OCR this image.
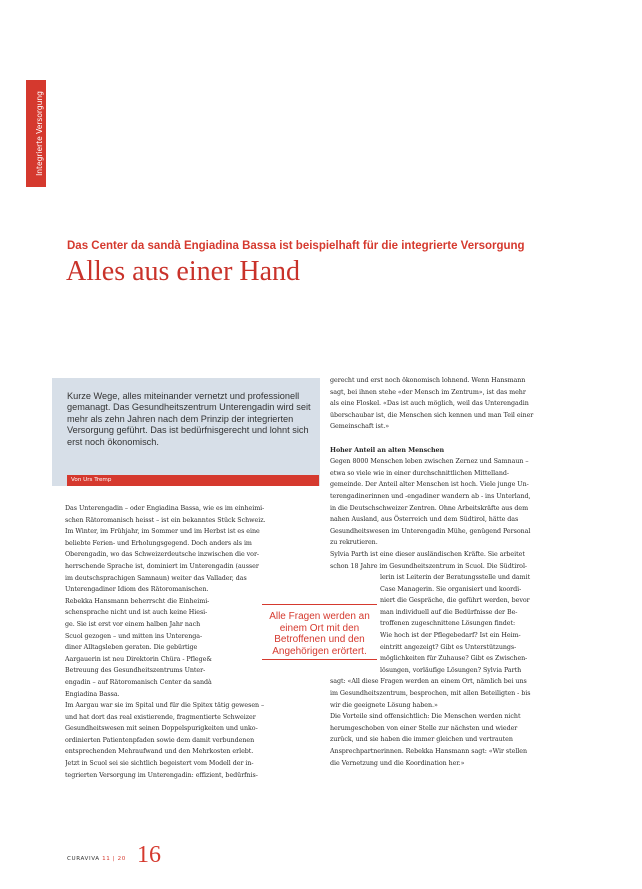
Integrierte Versorgung
Das Center da sandà Engiadina Bassa ist beispielhaft für die integrierte Versorgung
Alles aus einer Hand
Kurze Wege, alles miteinander vernetzt und professionell gemanagt. Das Gesundheitszentrum Unterengadin wird seit mehr als zehn Jahren nach dem Prinzip der integrierten Versorgung geführt. Das ist bedürfnisgerecht und lohnt sich erst noch ökonomisch.
Von Urs Tremp

Das Unterengadin – oder Engiadina Bassa, wie es im einheimi-

schen Rätoromanisch heisst – ist ein bekanntes Stück Schweiz.

Im Winter, im Frühjahr, im Sommer und im Herbst ist es eine

beliebte Ferien- und Erholungsgegend. Doch anders als im

Oberengadin, wo das Schweizerdeutsche inzwischen die vor-

herrschende Sprache ist, dominiert im Unterengadin (ausser

im deutschsprachigen Samnaun) weiter das Vallader, das

Unterengadiner Idiom des Rätoromanischen.

Rebekka Hansmann beherrscht die Einheimi-

schensprache nicht und ist auch keine Hiesi-

ge. Sie ist erst vor einem halben Jahr nach

Scuol gezogen – und mitten ins Unterenga-

diner Alltagsleben geraten. Die gebürtige

Aargauerin ist neu Direktorin Chüra - Pflege&

Betreuung des Gesundheitszentrums Unter-

engadin – auf Rätoromanisch Center da sandà

Engiadina Bassa.

Im Aargau war sie im Spital und für die Spitex tätig gewesen –

und hat dort das real existierende, fragmentierte Schweizer

Gesundheitswesen mit seinen Doppelspurigkeiten und unko-

ordinierten Patientenpfaden sowie dem damit verbundenen

entsprechenden Mehraufwand und den Mehrkosten erlebt.

Jetzt in Scuol sei sie sichtlich begeistert vom Modell der in-

tegrierten Versorgung im Unterengadin: effizient, bedürfnis-

gerecht und erst noch ökonomisch lohnend. Wenn Hansmann

sagt, bei ihnen stehe «der Mensch im Zentrum», ist das mehr

als eine Floskel. «Das ist auch möglich, weil das Unterengadin

überschaubar ist, die Menschen sich kennen und man Teil einer

Gemeinschaft ist.»

Hoher Anteil an alten Menschen

Gegen 8000 Menschen leben zwischen Zernez und Samnaun –

etwa so viele wie in einer durchschnittlichen Mittelland-

gemeinde. Der Anteil alter Menschen ist hoch. Viele junge Un-

terengadinerinnen und -engadiner wandern ab - ins Unterland,

in die Deutschschweizer Zentren. Ohne Arbeitskräfte aus dem

nahen Ausland, aus Österreich und dem Südtirol, hätte das

Gesundheitswesen im Unterengadin Mühe, genügend Personal

zu rekrutieren.

Sylvia Parth ist eine dieser ausländischen Kräfte. Sie arbeitet

schon 18 Jahre im Gesundheitszentrum in Scuol. Die Südtirol-

lerin ist Leiterin der Beratungsstelle und damit

Case Managerin. Sie organisiert und koordi-

niert die Gespräche, die geführt werden, bevor

man individuell auf die Bedürfnisse der Be-

troffenen zugeschnittene Lösungen findet:

Wie hoch ist der Pflegebedarf? Ist ein Heim-

eintritt angezeigt? Gibt es Unterstützungs-

möglichkeiten für Zuhause? Gibt es Zwischen-

lösungen, vorläufige Lösungen? Sylvia Parth

sagt: «All diese Fragen werden an einem Ort, nämlich bei uns

im Gesundheitszentrum, besprochen, mit allen Beteiligten - bis

wir die geeignete Lösung haben.»

Die Vorteile sind offensichtlich: Die Menschen werden nicht

herumgeschoben von einer Stelle zur nächsten und wieder

zurück, und sie haben die immer gleichen und vertrauten

Ansprechpartnerinnen. Rebekka Hansmann sagt: «Wir stellen

die Vernetzung und die Koordination her.»

Alle Fragen werden an einem Ort mit den Betroffenen und den Angehörigen erörtert.
CURAVIVA 11 | 20 16
